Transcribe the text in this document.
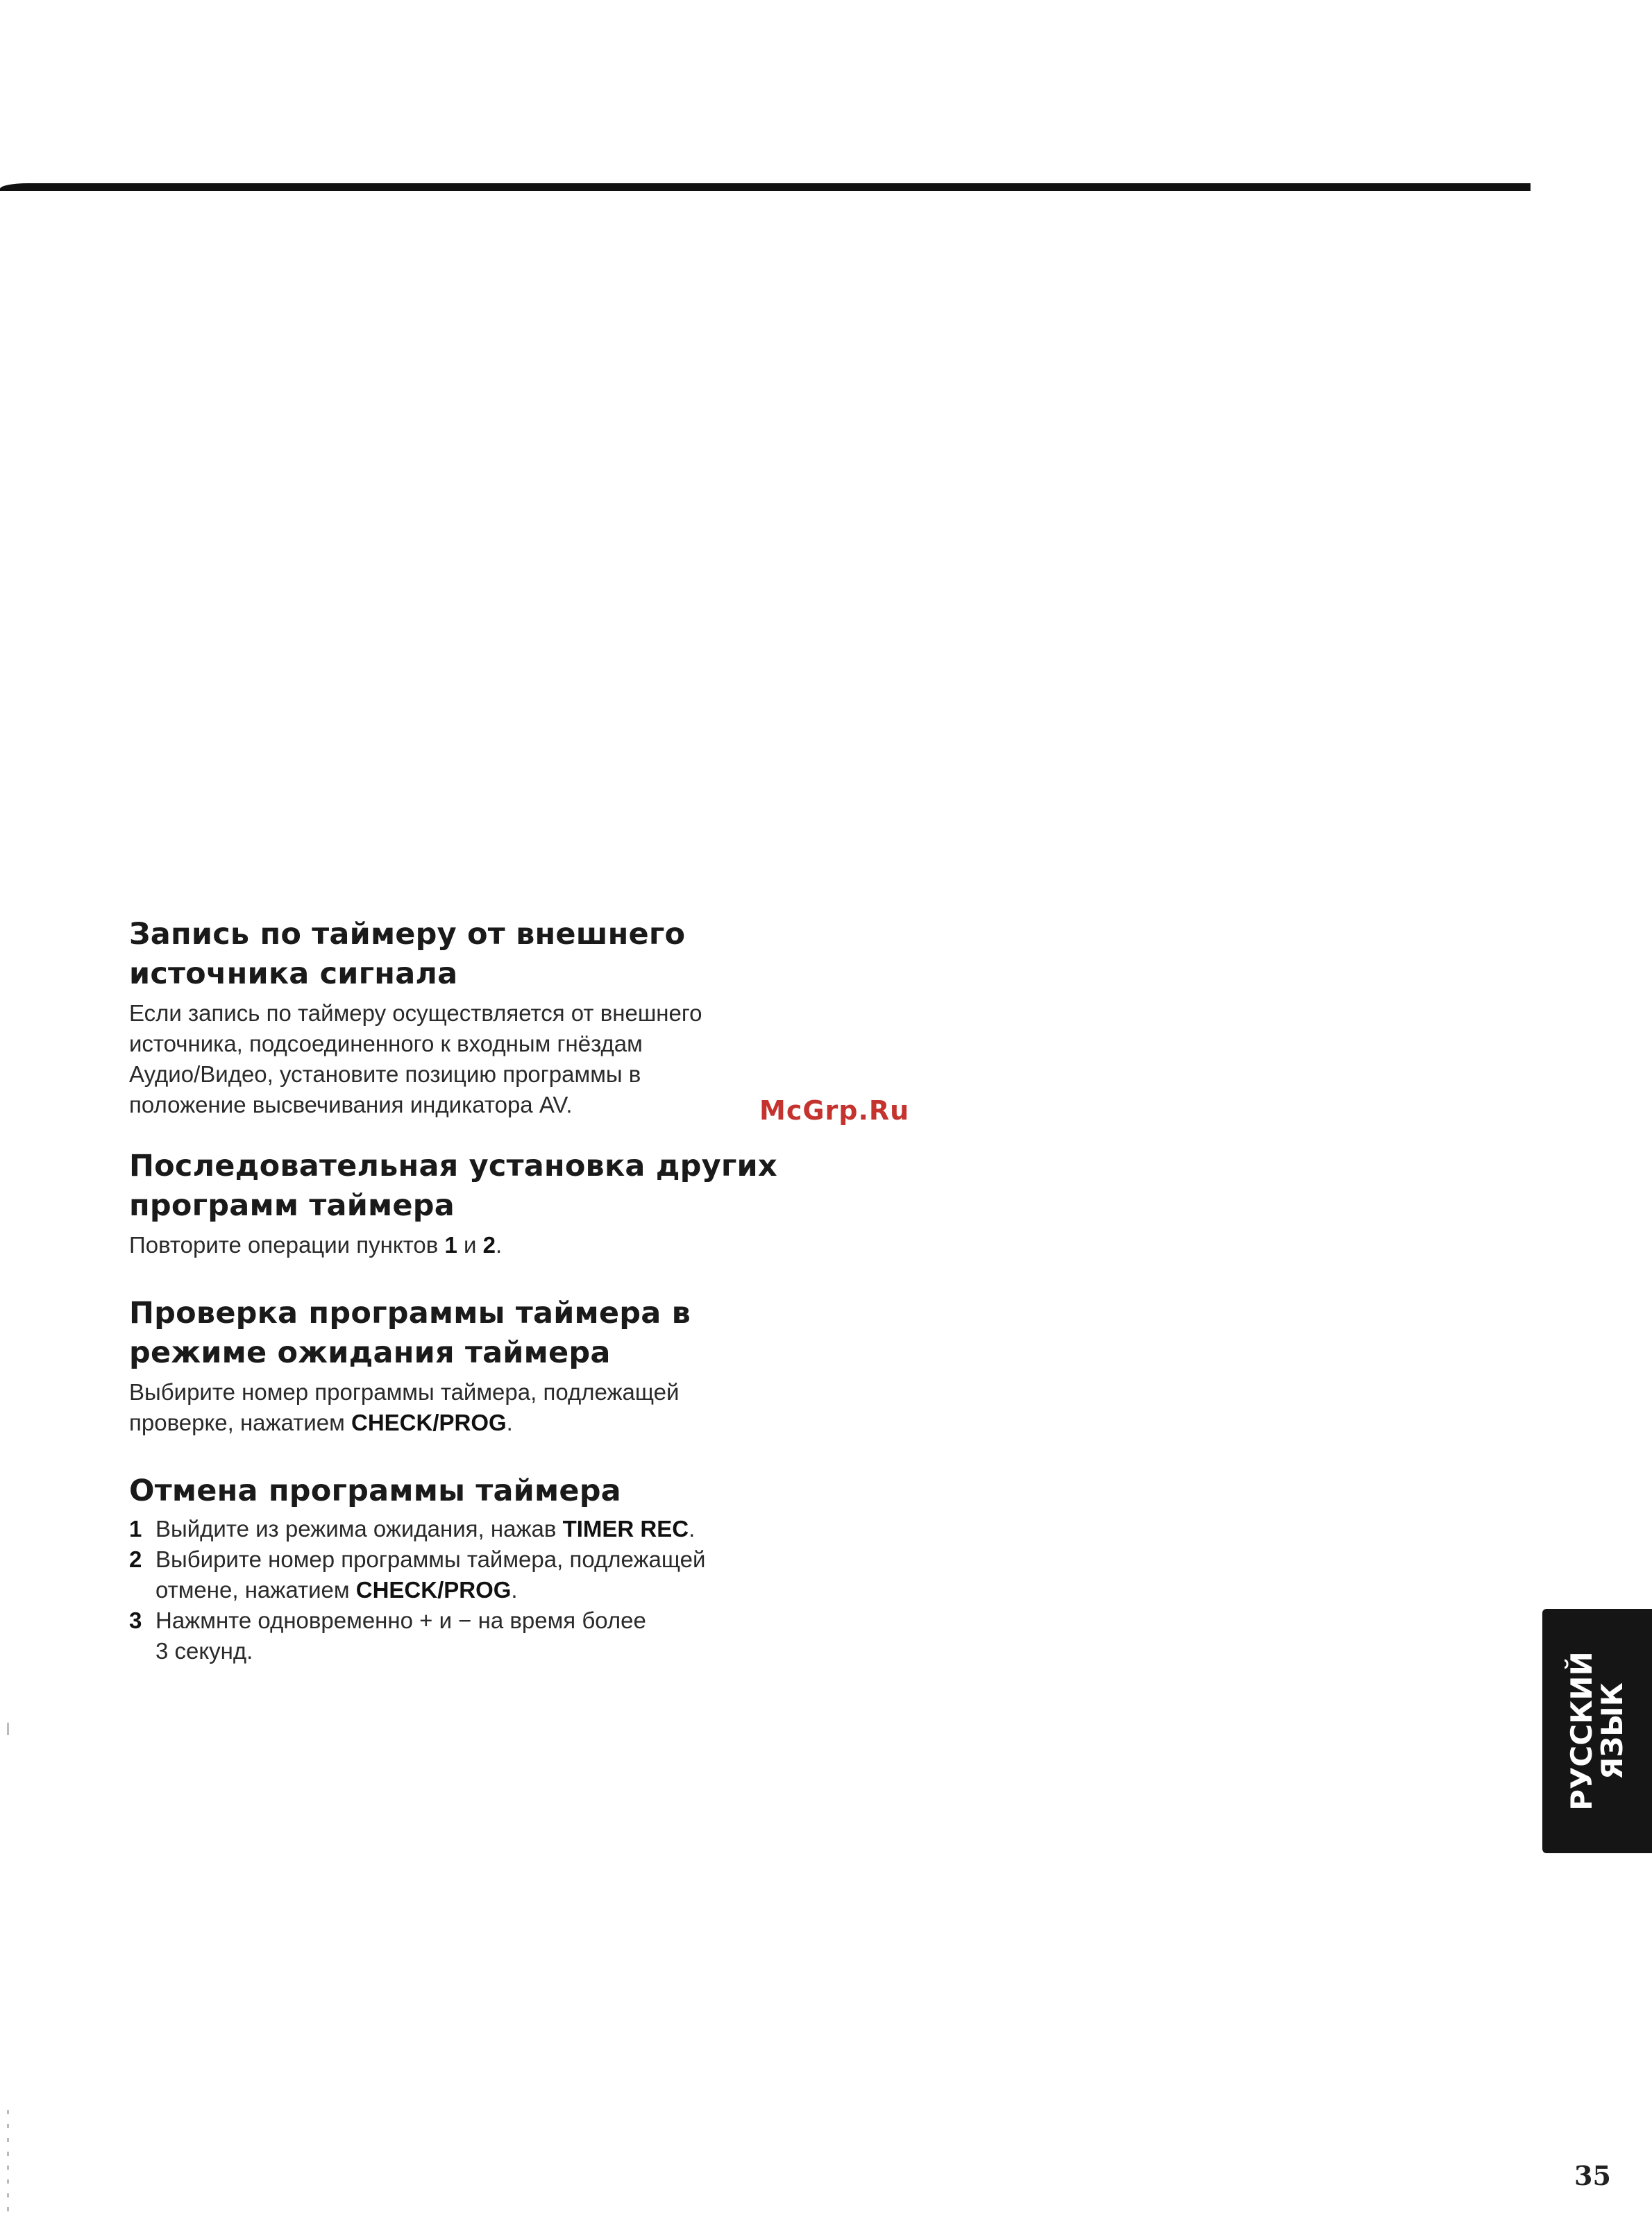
Запись по таймеру от внешнего
источника сигнала

Если запись по таймеру осуществляется от внешнего
источника, подсоединенного к входным гнёздам
Аудио/Видео, установите позицию программы в
положение высвечивания индикатора AV.

Последовательная установка других
программ таймера

Повторите операции пунктов 1 и 2.

Проверка программы таймера в
режиме ожидания таймера

Выбирите номер программы таймера, подлежащей
проверке, нажатием CHECK/PROG.

Отмена программы таймера
1 Выйдите из режима ожидания, нажав TIMER REC.
2 Выбирите номер программы таймера, подлежащей
отмене, нажатием CHECK/PROG.
3 Нажмнте одновременно + и − на время более
3 секунд.
McGrp.Ru
РУССКИЙ
ЯЗЫК
35
